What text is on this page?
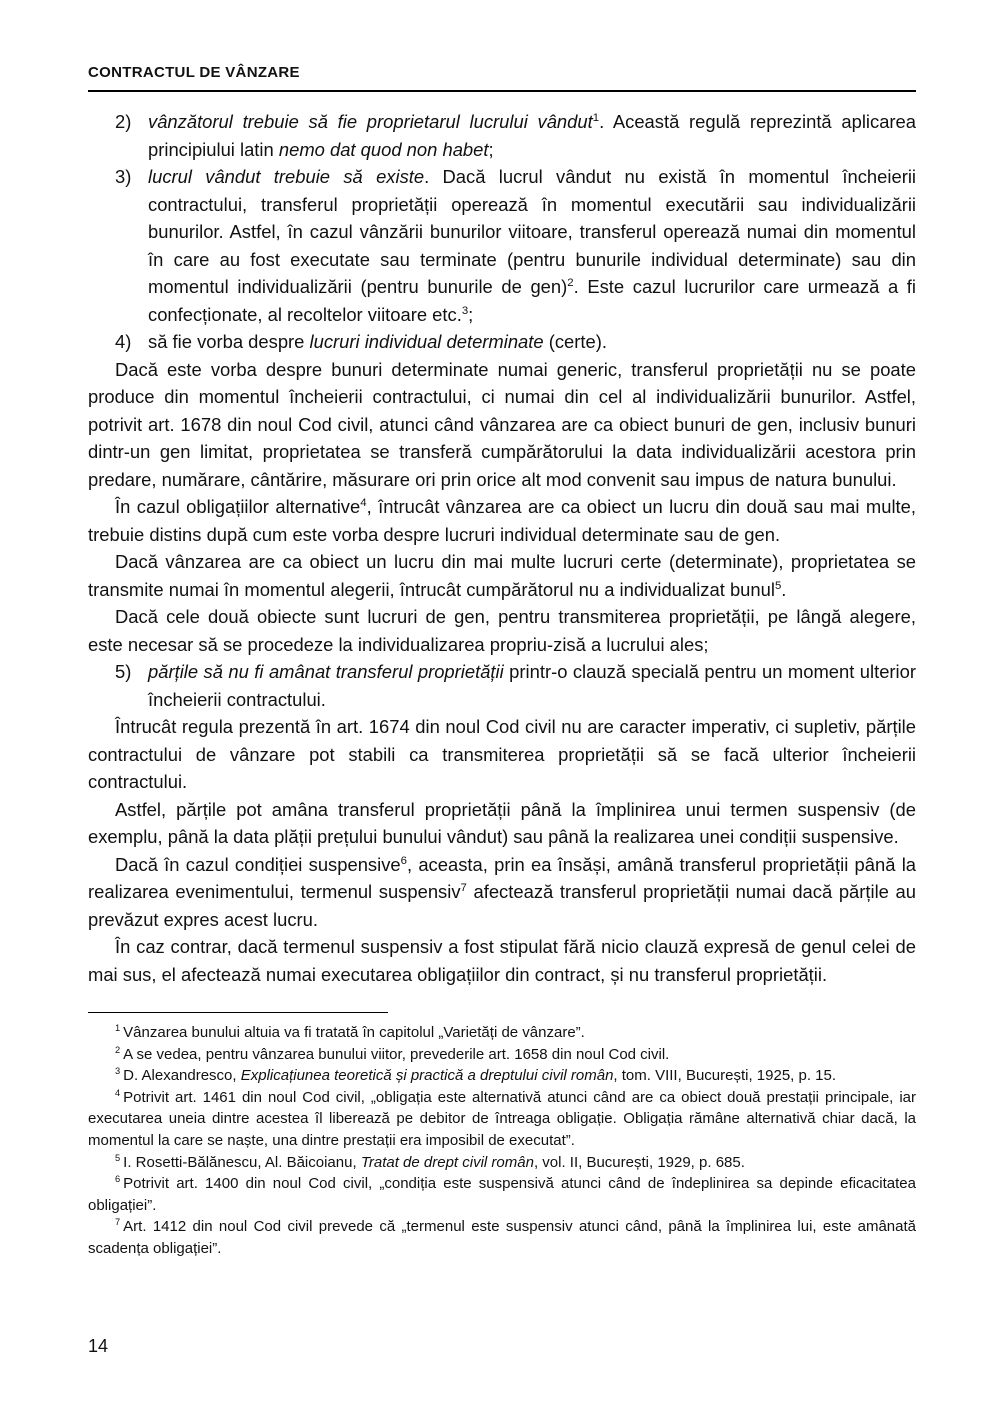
CONTRACTUL DE VÂNZARE
2) vânzătorul trebuie să fie proprietarul lucrului vândut$^1$. Această regulă reprezintă aplicarea principiului latin nemo dat quod non habet;
3) lucrul vândut trebuie să existe. Dacă lucrul vândut nu există în momentul încheierii contractului, transferul proprietății operează în momentul executării sau individualizării bunurilor. Astfel, în cazul vânzării bunurilor viitoare, transferul operează numai din momentul în care au fost executate sau terminate (pentru bunurile individual determinate) sau din momentul individualizării (pentru bunurile de gen)$^2$. Este cazul lucrurilor care urmează a fi confecționate, al recoltelor viitoare etc.$^3$;
4) să fie vorba despre lucruri individual determinate (certe).

Dacă este vorba despre bunuri determinate numai generic, transferul proprietății nu se poate produce din momentul încheierii contractului, ci numai din cel al individualizării bunurilor. Astfel, potrivit art. 1678 din noul Cod civil, atunci când vânzarea are ca obiect bunuri de gen, inclusiv bunuri dintr-un gen limitat, proprietatea se transferă cumpărătorului la data individualizării acestora prin predare, numărare, cântărire, măsurare ori prin orice alt mod convenit sau impus de natura bunului.

În cazul obligațiilor alternative$^4$, întrucât vânzarea are ca obiect un lucru din două sau mai multe, trebuie distins după cum este vorba despre lucruri individual determinate sau de gen.

Dacă vânzarea are ca obiect un lucru din mai multe lucruri certe (determinate), proprietatea se transmite numai în momentul alegerii, întrucât cumpărătorul nu a individualizat bunul$^5$.

Dacă cele două obiecte sunt lucruri de gen, pentru transmiterea proprietății, pe lângă alegere, este necesar să se procedeze la individualizarea propriu-zisă a lucrului ales;

5) părțile să nu fi amânat transferul proprietății printr-o clauză specială pentru un moment ulterior încheierii contractului.

Întrucât regula prezentă în art. 1674 din noul Cod civil nu are caracter imperativ, ci supletiv, părțile contractului de vânzare pot stabili ca transmiterea proprietății să se facă ulterior încheierii contractului.

Astfel, părțile pot amâna transferul proprietății până la împlinirea unui termen suspensiv (de exemplu, până la data plății prețului bunului vândut) sau până la realizarea unei condiții suspensive.

Dacă în cazul condiției suspensive$^6$, aceasta, prin ea însăși, amână transferul proprietății până la realizarea evenimentului, termenul suspensiv$^7$ afectează transferul proprietății numai dacă părțile au prevăzut expres acest lucru.

În caz contrar, dacă termenul suspensiv a fost stipulat fără nicio clauză expresă de genul celei de mai sus, el afectează numai executarea obligațiilor din contract, și nu transferul proprietății.

$^1$ Vânzarea bunului altuia va fi tratată în capitolul „Varietăți de vânzare”.

$^2$ A se vedea, pentru vânzarea bunului viitor, prevederile art. 1658 din noul Cod civil.

$^3$ D. Alexandresco, Explicațiunea teoretică și practică a dreptului civil român, tom. VIII, București, 1925, p. 15.

$^4$ Potrivit art. 1461 din noul Cod civil, „obligația este alternativă atunci când are ca obiect două prestații principale, iar executarea uneia dintre acestea îl liberează pe debitor de întreaga obligație. Obligația rămâne alternativă chiar dacă, la momentul la care se naște, una dintre prestații era imposibil de executat”.

$^5$ I. Rosetti-Bălănescu, Al. Băicoianu, Tratat de drept civil român, vol. II, București, 1929, p. 685.

$^6$ Potrivit art. 1400 din noul Cod civil, „condiția este suspensivă atunci când de îndeplinirea sa depinde eficacitatea obligației”.

$^7$ Art. 1412 din noul Cod civil prevede că „termenul este suspensiv atunci când, până la împlinirea lui, este amânată scadența obligației”.

14
